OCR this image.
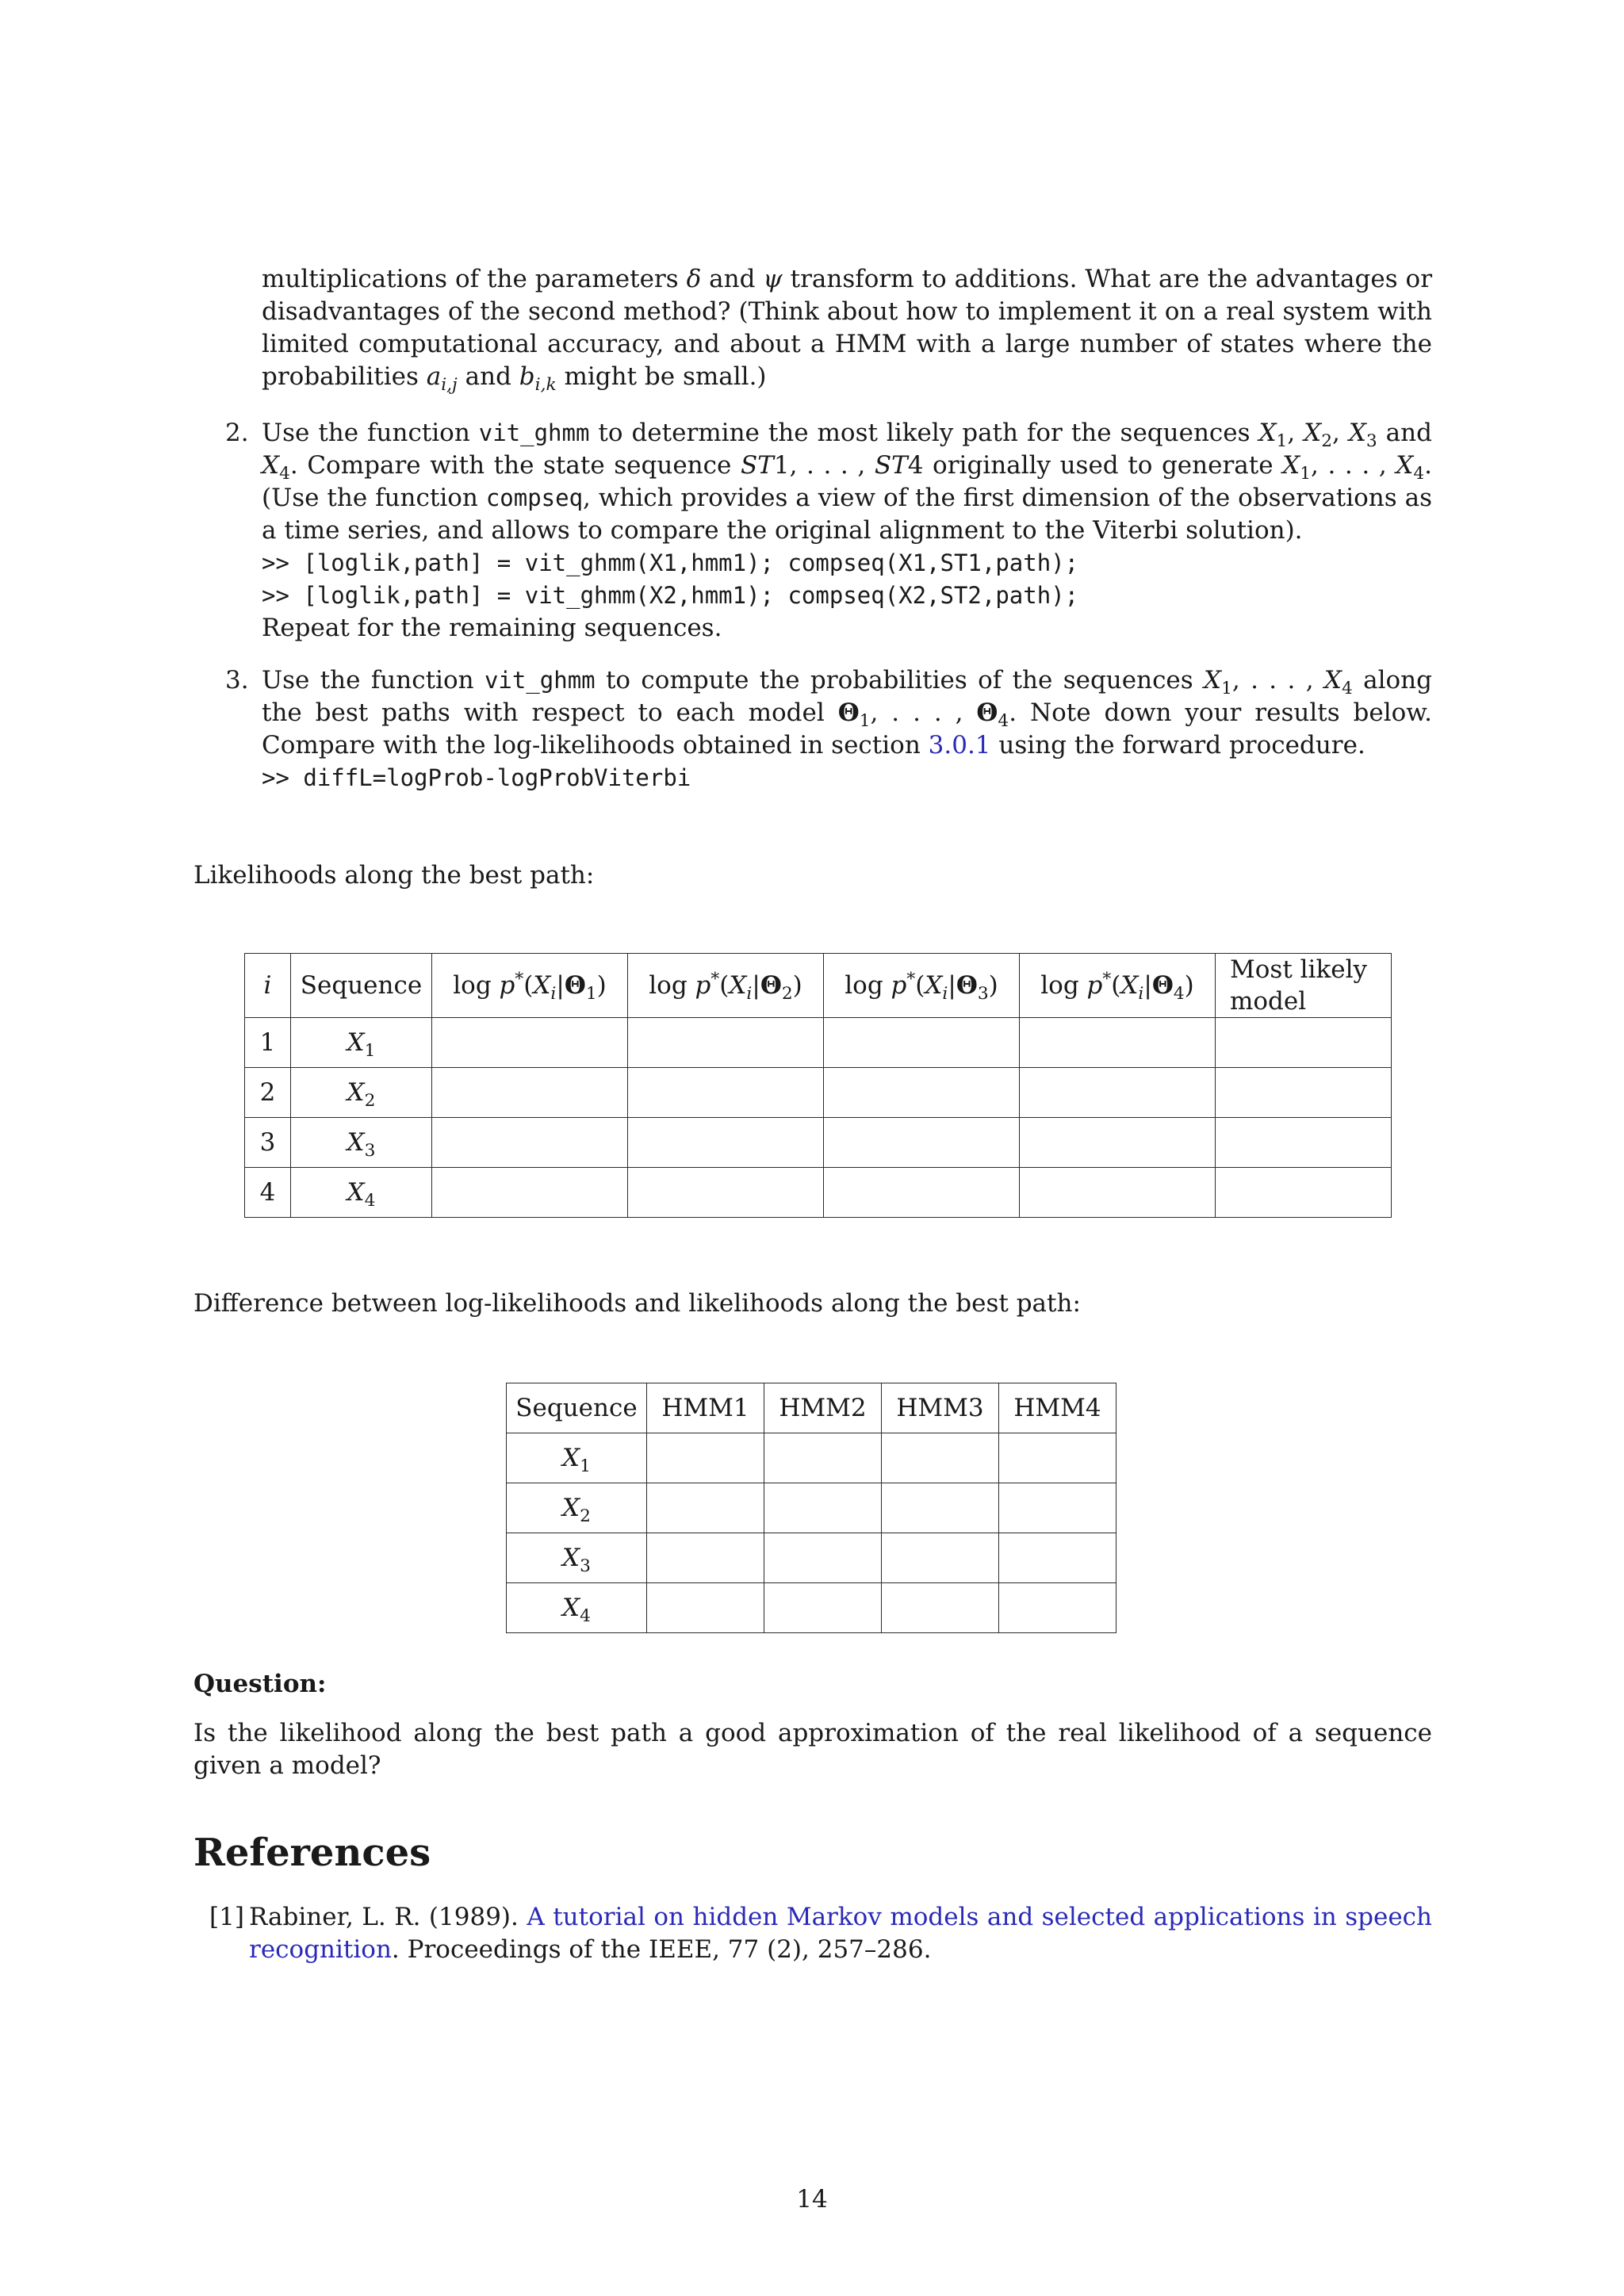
multiplications of the parameters δ and ψ transform to additions. What are the advantages or disadvantages of the second method? (Think about how to implement it on a real system with limited computational accuracy, and about a HMM with a large number of states where the probabilities $a_{i,j}$ and $b_{i,k}$ might be small.)
2. Use the function vit_ghmm to determine the most likely path for the sequences $X_1$, $X_2$, $X_3$ and $X_4$. Compare with the state sequence ST1, . . . , ST4 originally used to generate $X_1$, . . . , $X_4$. (Use the function compseq, which provides a view of the first dimension of the observations as a time series, and allows to compare the original alignment to the Viterbi solution).
>> [loglik,path] = vit_ghmm(X1,hmm1); compseq(X1,ST1,path);
>> [loglik,path] = vit_ghmm(X2,hmm1); compseq(X2,ST2,path);
Repeat for the remaining sequences.
3. Use the function vit_ghmm to compute the probabilities of the sequences $X_1$, . . . , $X_4$ along the best paths with respect to each model $\Theta_1$, . . . , $\Theta_4$. Note down your results below. Compare with the log-likelihoods obtained in section 3.0.1 using the forward procedure.
>> diffL=logProb-logProbViterbi
Likelihoods along the best path:
i	Sequence	$\log p^*(X_i|\Theta_1)$	$\log p^*(X_i|\Theta_2)$	$\log p^*(X_i|\Theta_3)$	$\log p^*(X_i|\Theta_4)$	Most likely model
1	$X_1$					
2	$X_2$					
3	$X_3$					
4	$X_4$					
Difference between log-likelihoods and likelihoods along the best path:
Sequence	HMM1	HMM2	HMM3	HMM4
$X_1$				
$X_2$				
$X_3$				
$X_4$				
Question:
Is the likelihood along the best path a good approximation of the real likelihood of a sequence given a model?
References
[1] Rabiner, L. R. (1989). A tutorial on hidden Markov models and selected applications in speech recognition. Proceedings of the IEEE, 77 (2), 257–286.
14
